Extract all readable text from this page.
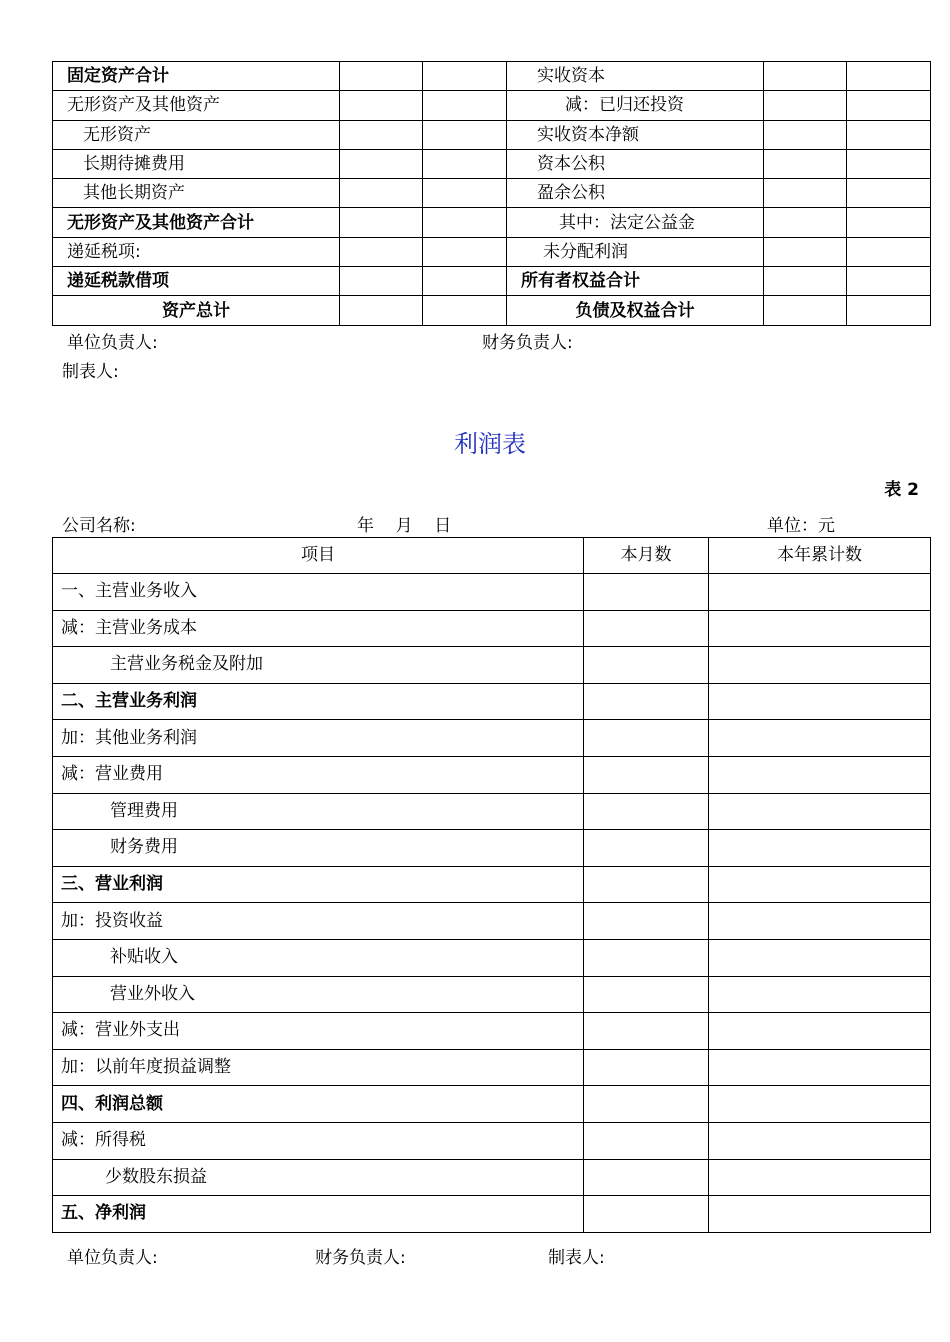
固定资产合计			实收资本		
无形资产及其他资产			减：已归还投资		
无形资产			实收资本净额		
长期待摊费用			资本公积		
其他长期资产			盈余公积		
无形资产及其他资产合计			其中：法定公益金		
递延税项:			未分配利润		
递延税款借项			所有者权益合计		
资产总计			负债及权益合计		
单位负责人:	财务负责人:
制表人:
利润表
表 2
公司名称:	年    月    日	单位：元
项目	本月数	本年累计数
一、主营业务收入		
减：主营业务成本		
主营业务税金及附加		
二、主营业务利润		
加：其他业务利润		
减：营业费用		
管理费用		
财务费用		
三、营业利润		
加：投资收益		
补贴收入		
营业外收入		
减：营业外支出		
加：以前年度损益调整		
四、利润总额		
减：所得税		
少数股东损益		
五、净利润		
单位负责人:	财务负责人:	制表人:
